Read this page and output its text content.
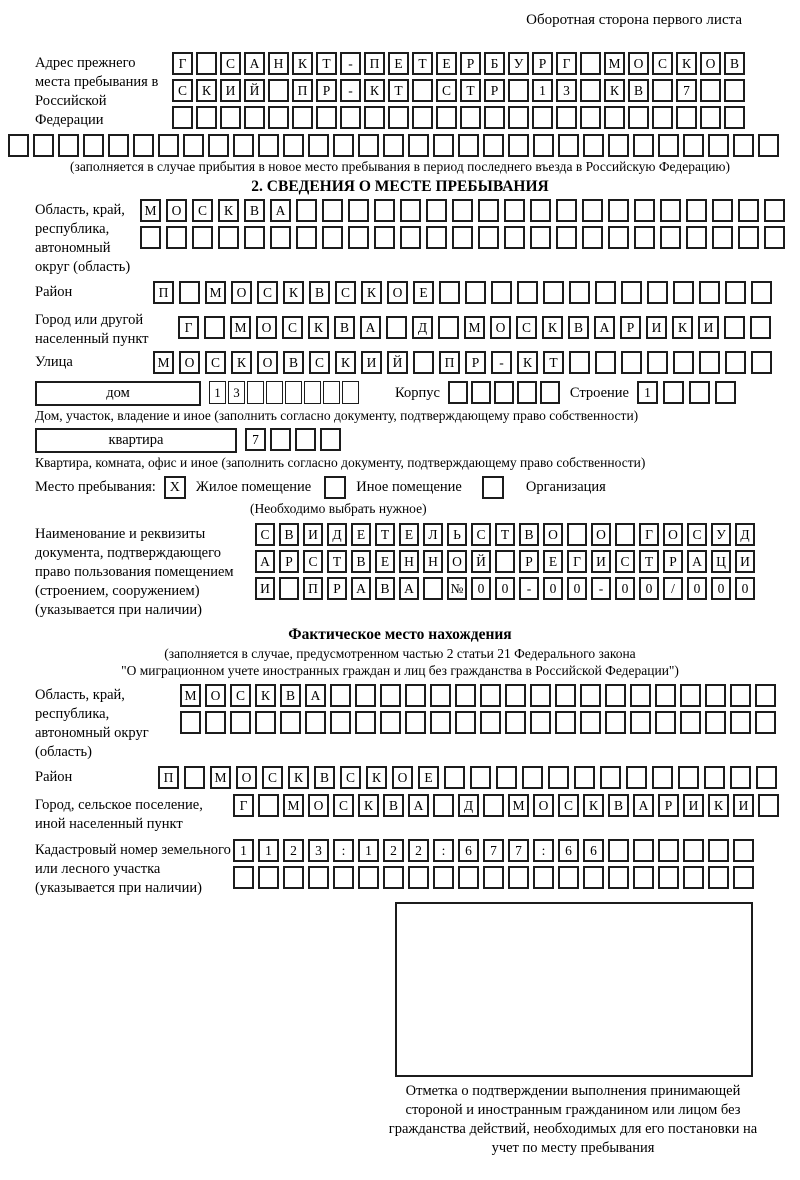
Оборотная сторона первого листа
Адрес прежнего места пребывания в Российской Федерации
Г	С	А	Н	К	Т	-	П	Е	Т	Е	Р	Б	У	Р	Г	М О	С	К	О	В
С	К	И	Й	П	Р	-	К	Т	С	Т	Р	1	3	К	В	7
(заполняется в случае прибытия в новое место пребывания в период последнего въезда в Российскую Федерацию)
2. СВЕДЕНИЯ О МЕСТЕ ПРЕБЫВАНИЯ
Область, край, республика, автономный округ (область)
М	О	С	К	В	А
Район	П	М	О	С	К	В	С	К	О	Е
Город или другой населенный пункт
Г	М	О	С	К	В	А	Д	М	О	С	К	В	А	Р	И	К	И
Улица	М	О	С	К	О	В	С	К	И	Й	П	Р	-	К	Т
дом	1 3	Корпус	Строение	1
Дом, участок, владение и иное (заполнить согласно документу, подтверждающему право собственности)
квартира	7
Квартира, комната, офис и иное (заполнить согласно документу, подтверждающему право собственности)
Место пребывания: X Жилое помещение	Иное помещение	Организация
(Необходимо выбрать нужное)
Наименование и реквизиты документа, подтверждающего право пользования помещением (строением, сооружением) (указывается при наличии)
С	В	И	Д	Е	Т	Е	Л	Ь	С	Т	В	О	О	Г	О	С	У	Д
А	Р	С	Т	В	Е	Н	Н	О	Й	Р	Е	Г	И	С	Т	Р	А	Ц	И
И	П	Р	А	В	А	№	0	0	-	0	0	-	0	0	/	0	0	0
Фактическое место нахождения
(заполняется в случае, предусмотренном частью 2 статьи 21 Федерального закона
"О миграционном учете иностранных граждан и лиц без гражданства в Российской Федерации")
Область, край, республика, автономный округ (область)
М	О	С	К	В	А
Район	П	М	О	С	К	В	С	К	О	Е
Город, сельское поселение, иной населенный пункт
Г	М	О	С	К	В	А	Д	М	О	С	К	В	А	Р	И	К	И
Кадастровый номер земельного или лесного участка (указывается при наличии)
1	1	2	3	:	1	2	2	:	6	7	7	:	6	6
Отметка о подтверждении выполнения принимающей стороной и иностранным гражданином или лицом без гражданства действий, необходимых для его постановки на учет по месту пребывания
